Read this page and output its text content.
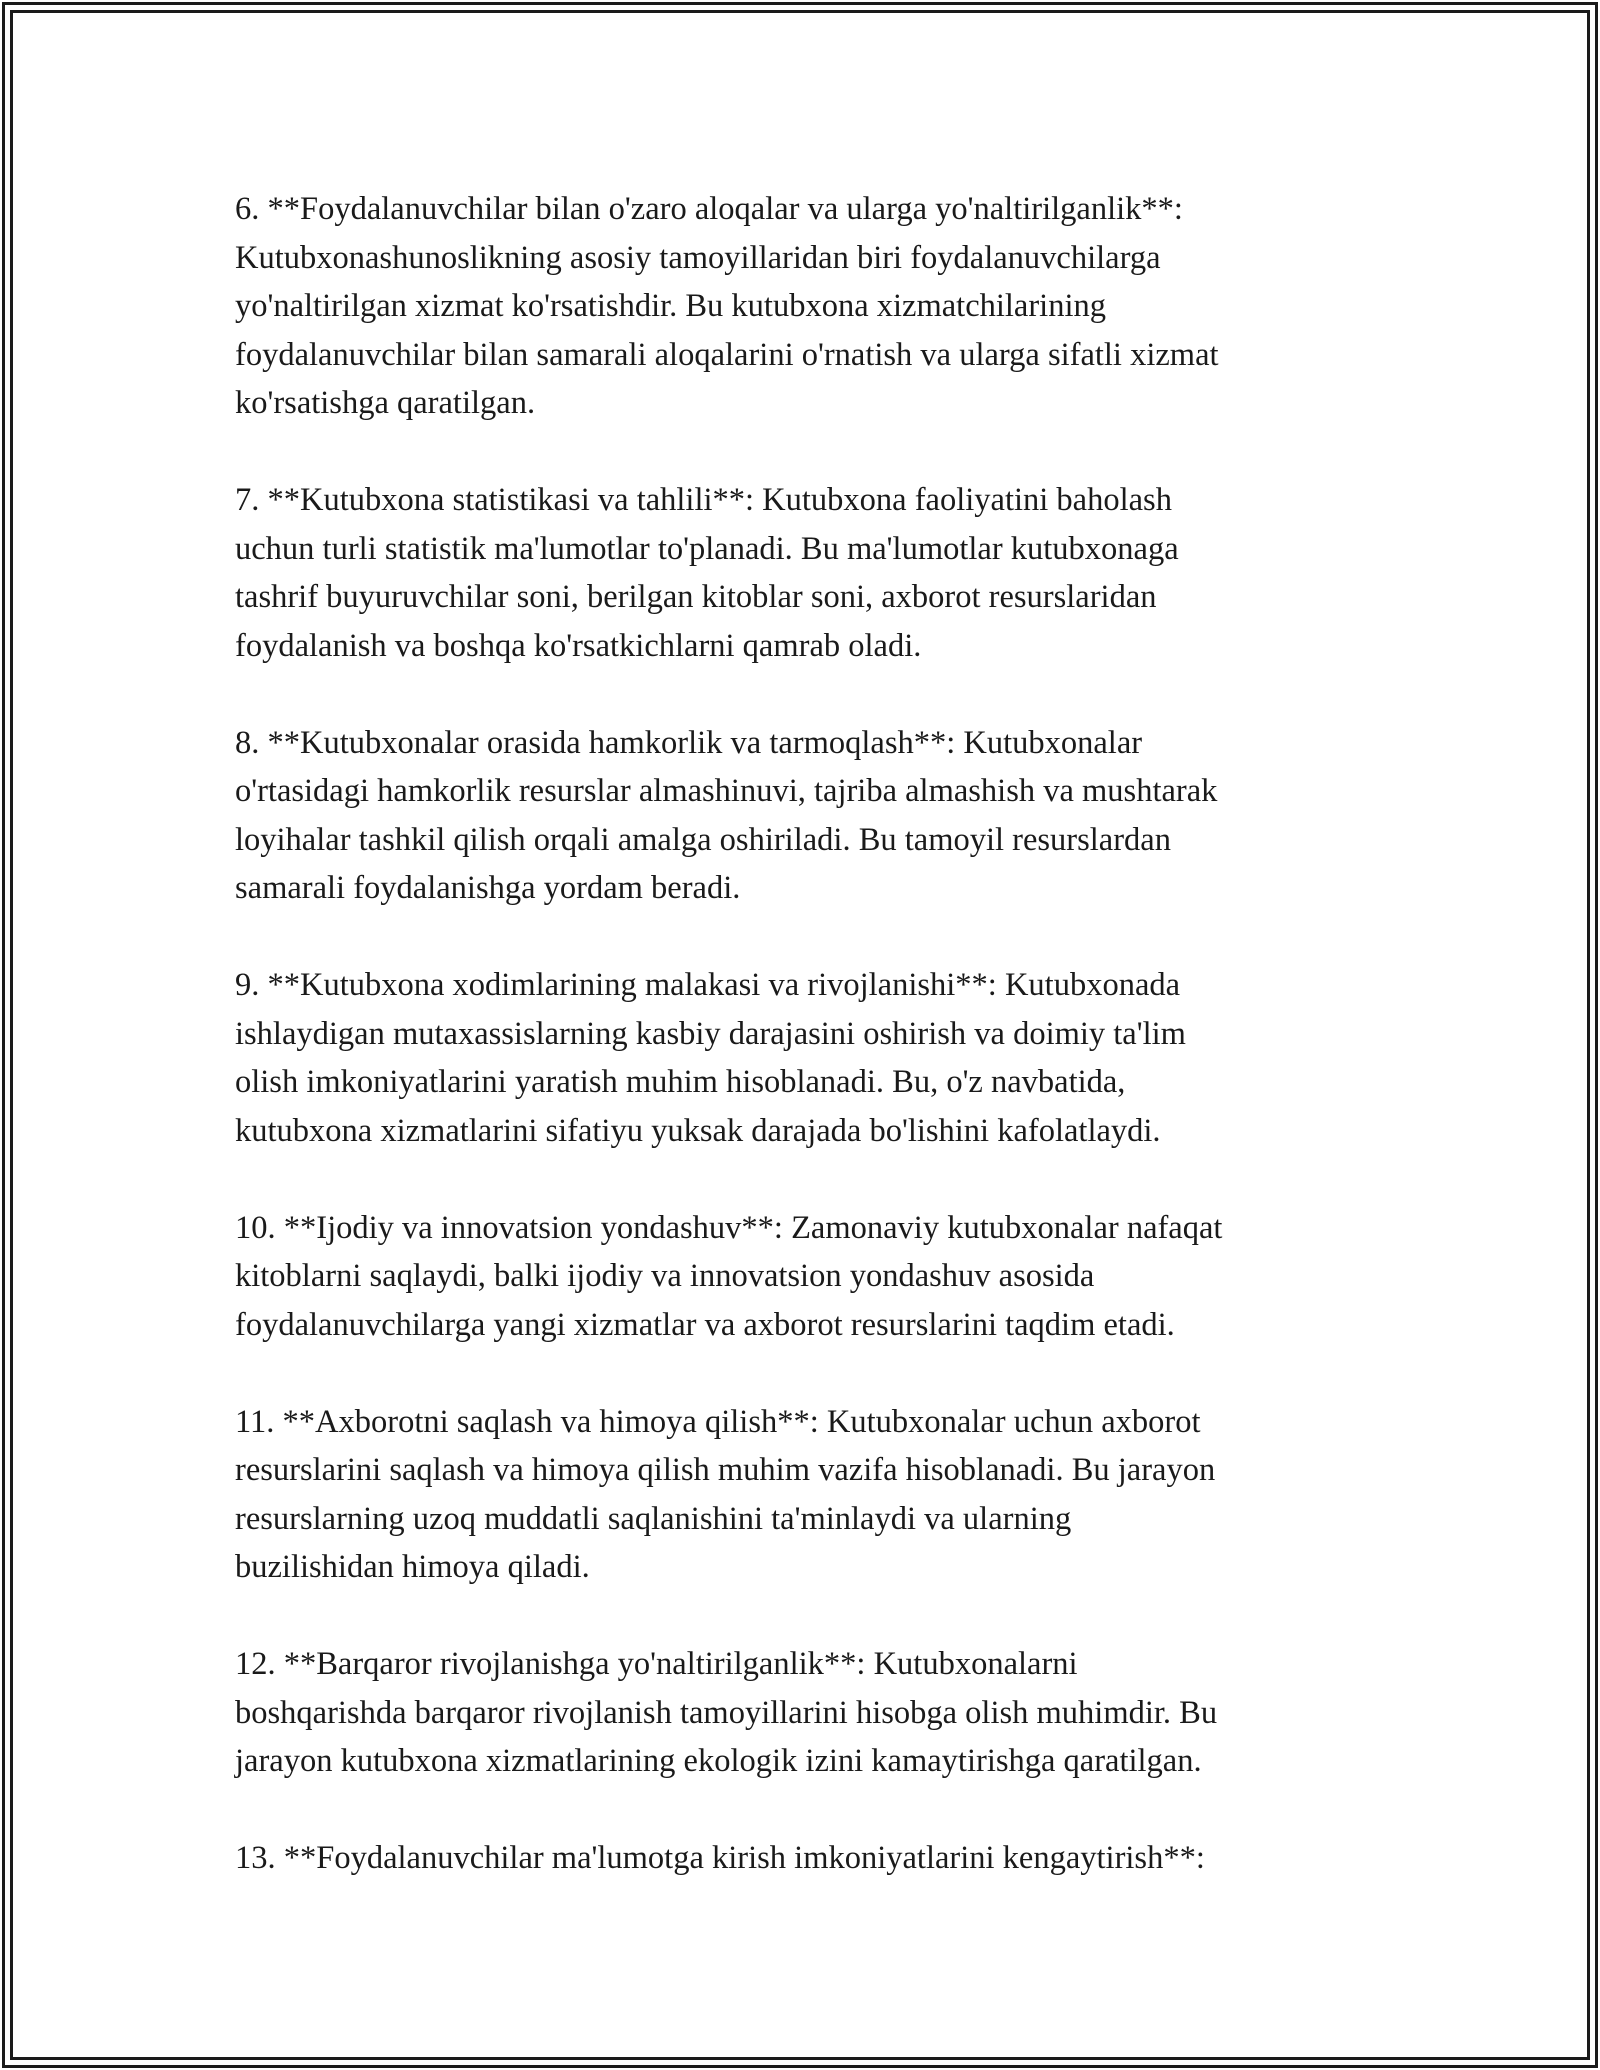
6. **Foydalanuvchilar bilan o'zaro aloqalar va ularga yo'naltirilganlik**:
Kutubxonashunoslikning asosiy tamoyillaridan biri foydalanuvchilarga
yo'naltirilgan xizmat ko'rsatishdir. Bu kutubxona xizmatchilarining
foydalanuvchilar bilan samarali aloqalarini o'rnatish va ularga sifatli xizmat
ko'rsatishga qaratilgan.

7. **Kutubxona statistikasi va tahlili**: Kutubxona faoliyatini baholash
uchun turli statistik ma'lumotlar to'planadi. Bu ma'lumotlar kutubxonaga
tashrif buyuruvchilar soni, berilgan kitoblar soni, axborot resurslaridan
foydalanish va boshqa ko'rsatkichlarni qamrab oladi.

8. **Kutubxonalar orasida hamkorlik va tarmoqlash**: Kutubxonalar
o'rtasidagi hamkorlik resurslar almashinuvi, tajriba almashish va mushtarak
loyihalar tashkil qilish orqali amalga oshiriladi. Bu tamoyil resurslardan
samarali foydalanishga yordam beradi.

9. **Kutubxona xodimlarining malakasi va rivojlanishi**: Kutubxonada
ishlaydigan mutaxassislarning kasbiy darajasini oshirish va doimiy ta'lim
olish imkoniyatlarini yaratish muhim hisoblanadi. Bu, o'z navbatida,
kutubxona xizmatlarini sifatiyu yuksak darajada bo'lishini kafolatlaydi.

10. **Ijodiy va innovatsion yondashuv**: Zamonaviy kutubxonalar nafaqat
kitoblarni saqlaydi, balki ijodiy va innovatsion yondashuv asosida
foydalanuvchilarga yangi xizmatlar va axborot resurslarini taqdim etadi.

11. **Axborotni saqlash va himoya qilish**: Kutubxonalar uchun axborot
resurslarini saqlash va himoya qilish muhim vazifa hisoblanadi. Bu jarayon
resurslarning uzoq muddatli saqlanishini ta'minlaydi va ularning
buzilishidan himoya qiladi.

12. **Barqaror rivojlanishga yo'naltirilganlik**: Kutubxonalarni
boshqarishda barqaror rivojlanish tamoyillarini hisobga olish muhimdir. Bu
jarayon kutubxona xizmatlarining ekologik izini kamaytirishga qaratilgan.

13. **Foydalanuvchilar ma'lumotga kirish imkoniyatlarini kengaytirish**:
